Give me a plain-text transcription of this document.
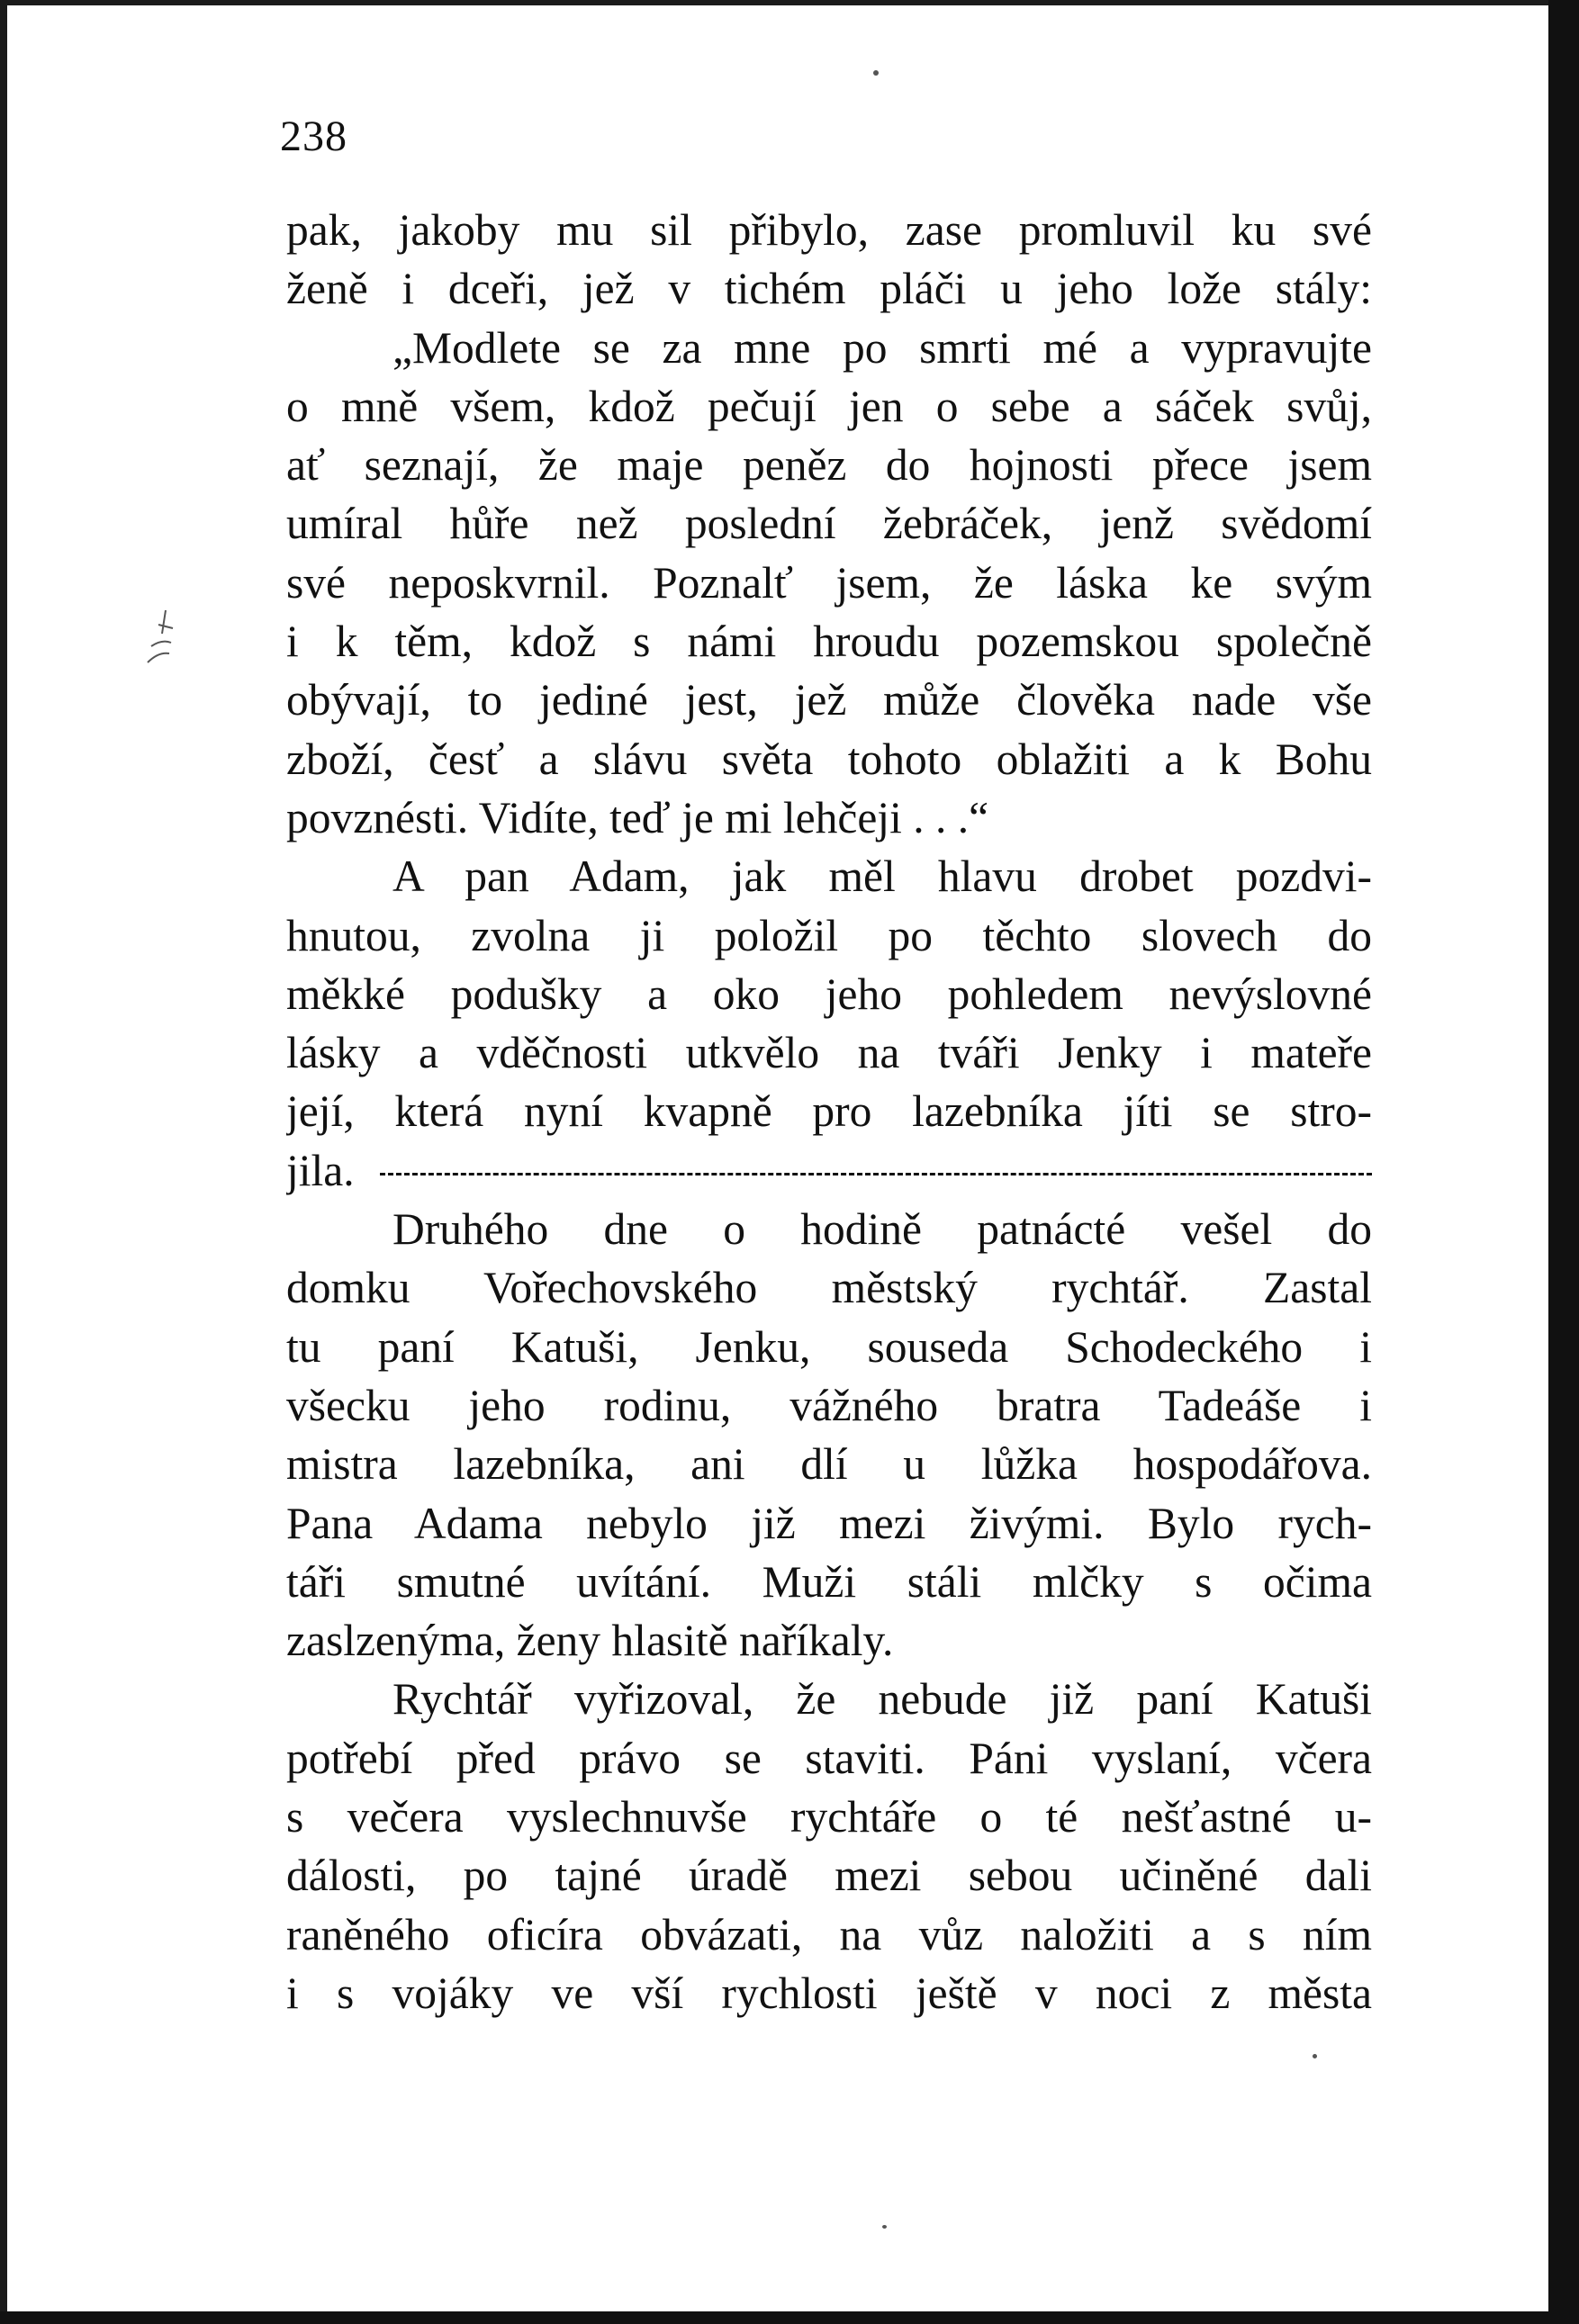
238
pak, jakoby mu sil přibylo, zase promluvil ku své
ženě i dceři, jež v tichém pláči u jeho lože stály:
„Modlete se za mne po smrti mé a vypravujte
o mně všem, kdož pečují jen o sebe a sáček svůj,
ať seznají, že maje peněz do hojnosti přece jsem
umíral hůře než poslední žebráček, jenž svědomí
své neposkvrnil. Poznalť jsem, že láska ke svým
i k těm, kdož s námi hroudu pozemskou společně
obývají, to jediné jest, jež může člověka nade vše
zboží, česť a slávu světa tohoto oblažiti a k Bohu
povznésti. Vidíte, teď je mi lehčeji . . .“
A pan Adam, jak měl hlavu drobet pozdvi-
hnutou, zvolna ji položil po těchto slovech do
měkké podušky a oko jeho pohledem nevýslovné
lásky a vděčnosti utkvělo na tváři Jenky i mateře
její, která nyní kvapně pro lazebníka jíti se stro-
jila.
Druhého dne o hodině patnácté vešel do
domku Vořechovského městský rychtář. Zastal
tu paní Katuši, Jenku, souseda Schodeckého i
všecku jeho rodinu, vážného bratra Tadeáše i
mistra lazebníka, ani dlí u lůžka hospodářova.
Pana Adama nebylo již mezi živými. Bylo rych-
táři smutné uvítání. Muži stáli mlčky s očima
zaslzenýma, ženy hlasitě naříkaly.
Rychtář vyřizoval, že nebude již paní Katuši
potřebí před právo se staviti. Páni vyslaní, včera
s večera vyslechnuvše rychtáře o té nešťastné u-
dálosti, po tajné úradě mezi sebou učiněné dali
raněného oficíra obvázati, na vůz naložiti a s ním
i s vojáky ve vší rychlosti ještě v noci z města
